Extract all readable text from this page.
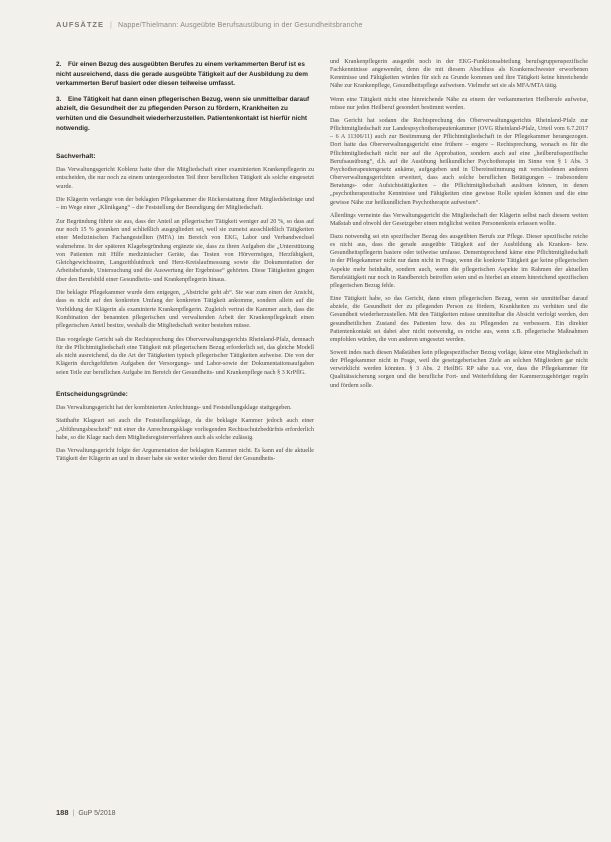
AUFSÄTZE | Nappe/Thielmann: Ausgeübte Berufsausübung in der Gesundheitsbranche

2. Für einen Bezug des ausgeübten Berufes zu einem verkammerten Beruf ist es nicht ausreichend, dass die gerade ausgeübte Tätigkeit auf der Ausbildung zu dem verkammerten Beruf basiert oder diesen teilweise umfasst.

3. Eine Tätigkeit hat dann einen pflegerischen Bezug, wenn sie unmittelbar darauf abzielt, die Gesundheit der zu pflegenden Person zu fördern, Krankheiten zu verhüten und die Gesundheit wiederherzustellen. Patientenkontakt ist hierfür nicht notwendig.

Sachverhalt:

Das Verwaltungsgericht Koblenz hatte über die Mitgliedschaft einer examinierten Krankenpflegerin zu entscheiden, die nur noch zu einem untergeordneten Teil ihrer beruflichen Tätigkeit als solche eingesetzt wurde.

Die Klägerin verlangte von der beklagten Pflegekammer die Rückerstattung ihrer Mitgliedsbeiträge und – im Wege einer „Klinikgang“ – die Feststellung der Beendigung der Mitgliedschaft.

Zur Begründung führte sie aus, dass der Anteil an pflegerischer Tätigkeit weniger auf 20 %, so dass auf nur noch 15 % gesunken und schließlich ausgegliedert sei, weil sie zumeist ausschließlich Tätigkeiten einer Medizinischen Fachangestellten (MFA) im Bereich von EKG, Labor und Verbandwechsel wahrnehme. In der späteren Klagebegründung ergänzte sie, dass zu ihren Aufgaben die „Unterstützung von Patienten mit Hilfe medizinischer Geräte, das Testen von Hörvermögen, Herzfähigkeit, Gleichgewichtssinn, Langzeitblutdruck und Herz-Kreislaufmessung sowie die Dokumentation der Arbeitsbefunde, Untersuchung und die Auswertung der Ergebnisse“ gehörten. Diese Tätigkeiten gingen über den Berufsbild einer Gesundheits- und Krankenpflegerin hinaus.

Die beklagte Pflegekammer wurde dem entgegen, „Abstriche geht ab“. Sie war zum einen der Ansicht, dass es nicht auf den konkreten Umfang der konkreten Tätigkeit ankomme, sondern allein auf die Vorbildung der Klägerin als examinierte Krankenpflegerin. Zugleich vertrat die Kammer auch, dass die Kombination der benannten pflegerischen und verwaltenden Arbeit der Krankenpflegekraft einen pflegerischen Anteil besitze, weshalb die Mitgliedschaft weiter bestehen müsse.

Das vorgelegte Gericht sah die Rechtsprechung des Oberverwaltungsgerichts Rheinland-Pfalz, demnach für die Pflichtmitgliedschaft eine Tätigkeit mit pflegerischem Bezug erforderlich sei, das gleiche Modell als nicht ausreichend, da die Art der Tätigkeiten typisch pflegerischer Tätigkeiten aufweise. Die von der Klägerin durchgeführten Aufgaben der Versorgungs- und Labor-sowie der Dokumentationsaufgaben seien Teile zur beruflichen Aufgabe im Bereich der Gesundheits- und Krankenpflege nach § 3 KrPflG.

Entscheidungsgründe:

Das Verwaltungsgericht hat der kombinierten Anfechtungs- und Feststellungsklage stattgegeben.

Statthafte Klageart sei auch die Feststellungsklage, da die beklagte Kammer jedoch auch einer „Abführungsbescheid“ mit einer die Anrechnungsklage vorliegenden Rechtsschutzbedürfnis erforderlich habe, so die Klage nach dem Mitgliedsregisterverfahren auch als solche zulässig.

Das Verwaltungsgericht folgte der Argumentation der beklagten Kammer nicht. Es kann auf die aktuelle Tätigkeit der Klägerin an und in dieser habe sie weiter wieder den Beruf der Gesundheits-

und Krankenpflegerin ausgeübt noch in der EKG-Funktionsabteilung berufsgruppenspezifische Fachkenntnisse angewendet, denn die mit diesem Abschluss als Krankenschwester erworbenen Kenntnisse und Fähigkeiten würden für sich zu Grunde kommen und ihre Tätigkeit keine hinreichende Nähe zur Krankenpflege, Gesundheitspflege aufweisen. Vielmehr sei sie als MFA/MTA tätig.

Wenn eine Tätigkeit nicht eine hinreichende Nähe zu einem der verkammerten Heilberufe aufweise, müsse nur jeden Heilberuf gesondert bestimmt werden.

Das Gericht hat sodann die Rechtsprechung des Oberverwaltungsgerichts Rheinland-Pfalz zur Pflichtmitgliedschaft zur Landespsychotherapeutenkammer (OVG Rheinland-Pfalz, Urteil vom 6.7.2017 – 6 A 11306/11) auch zur Bestimmung der Pflichtmitgliedschaft in der Pflegekammer herangezogen. Dort hatte das Oberverwaltungsgericht eine frühere – engere – Rechtsprechung, wonach es für die Pflichtmitgliedschaft nicht nur auf die Approbation, sondern auch auf eine „heilberufsspezifische Berufsausübung“, d.h. auf die Ausübung heilkundlicher Psychotherapie im Sinne von § 1 Abs. 3 Psychotherapeutengesetz ankäme, aufgegeben und in Übereinstimmung mit verschiedenen anderen Oberverwaltungsgerichten erweitert, dass auch solche beruflichen Betätigungen – insbesondere Beratungs- oder Aufsichtstätigkeiten – die Pflichtmitgliedschaft auslösen können, in denen „psychotherapeutische Kenntnisse und Fähigkeiten eine gewisse Rolle spielen können und die eine gewisse Nähe zur heilkundlichen Psychotherapie aufweisen“.

Allerdings verneinte das Verwaltungsgericht die Mitgliedschaft der Klägerin selbst nach diesem weiten Maßstab und obwohl der Gesetzgeber einen möglichst weiten Personenkreis erfassen wollte.

Dazu notwendig sei ein spezifischer Bezug des ausgeübten Berufs zur Pflege. Dieser spezifische reiche es nicht aus, dass die gerade ausgeübte Tätigkeit auf der Ausbildung als Kranken- bzw. Gesundheitspflegerin basiere oder teilweise umfasse. Dementsprechend käme eine Pflichtmitgliedschaft in der Pflegekammer nicht nur dann nicht in Frage, wenn die konkrete Tätigkeit gar keine pflegerischen Aspekte mehr beinhalte, sondern auch, wenn die pflegerischen Aspekte im Rahmen der aktuellen Berufstätigkeit nur noch in Randbereich betroffen seien und es hierbei an einem hinreichend spezifischen pflegerischen Bezug fehle.

Eine Tätigkeit habe, so das Gericht, dann einen pflegerischen Bezug, wenn sie unmittelbar darauf abziele, die Gesundheit der zu pflegenden Person zu fördern, Krankheiten zu verhüten und die Gesundheit wiederherzustellen. Mit den Tätigkeiten müsse unmittelbar die Absicht verfolgt werden, den gesundheitlichen Zustand des Patienten bzw. des zu Pflegenden zu verbessern. Ein direkter Patientenkontakt sei dabei aber nicht notwendig, es reiche aus, wenn z.B. pflegerische Maßnahmen empfohlen würden, die von anderen umgesetzt werden.

Soweit indes nach diesen Maßstäben kein pflegespezifischer Bezug vorläge, käme eine Mitgliedschaft in der Pflegekammer nicht in Frage, weil die gesetzgeberischen Ziele an solchen Mitgliedern gar nicht verwirklicht werden könnten. § 3 Abs. 2 HeilBG RP sähe u.a. vor, dass die Pflegekammer für Qualitätssicherung sorgen und die berufliche Fort- und Weiterbildung der Kammerzugehöriger regeln und fördern solle.

188 | GuP 5/2018
